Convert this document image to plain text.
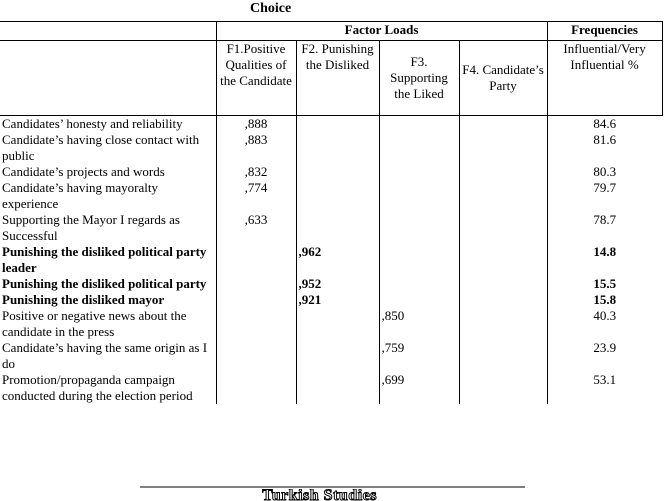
Choice
	Factor Loads				Frequencies
	F1.Positive Qualities of the Candidate	F2. Punishing the Disliked	F3. Supporting the Liked	F4. Candidate’s Party	Influential/Very Influential %
Candidates’ honesty and reliability	,888				84.6
Candidate’s having close contact with public	,883				81.6
Candidate’s projects and words	,832				80.3
Candidate’s having mayoralty experience	,774				79.7
Supporting the Mayor I regards as Successful	,633				78.7
Punishing the disliked political party leader		,962			14.8
Punishing the disliked political party		,952			15.5
Punishing the disliked mayor		,921			15.8
Positive or negative news about the candidate in the press			,850		40.3
Candidate’s having the same origin as I do			,759		23.9
Promotion/propaganda campaign conducted during the election period			,699		53.1
Turkish Studies
